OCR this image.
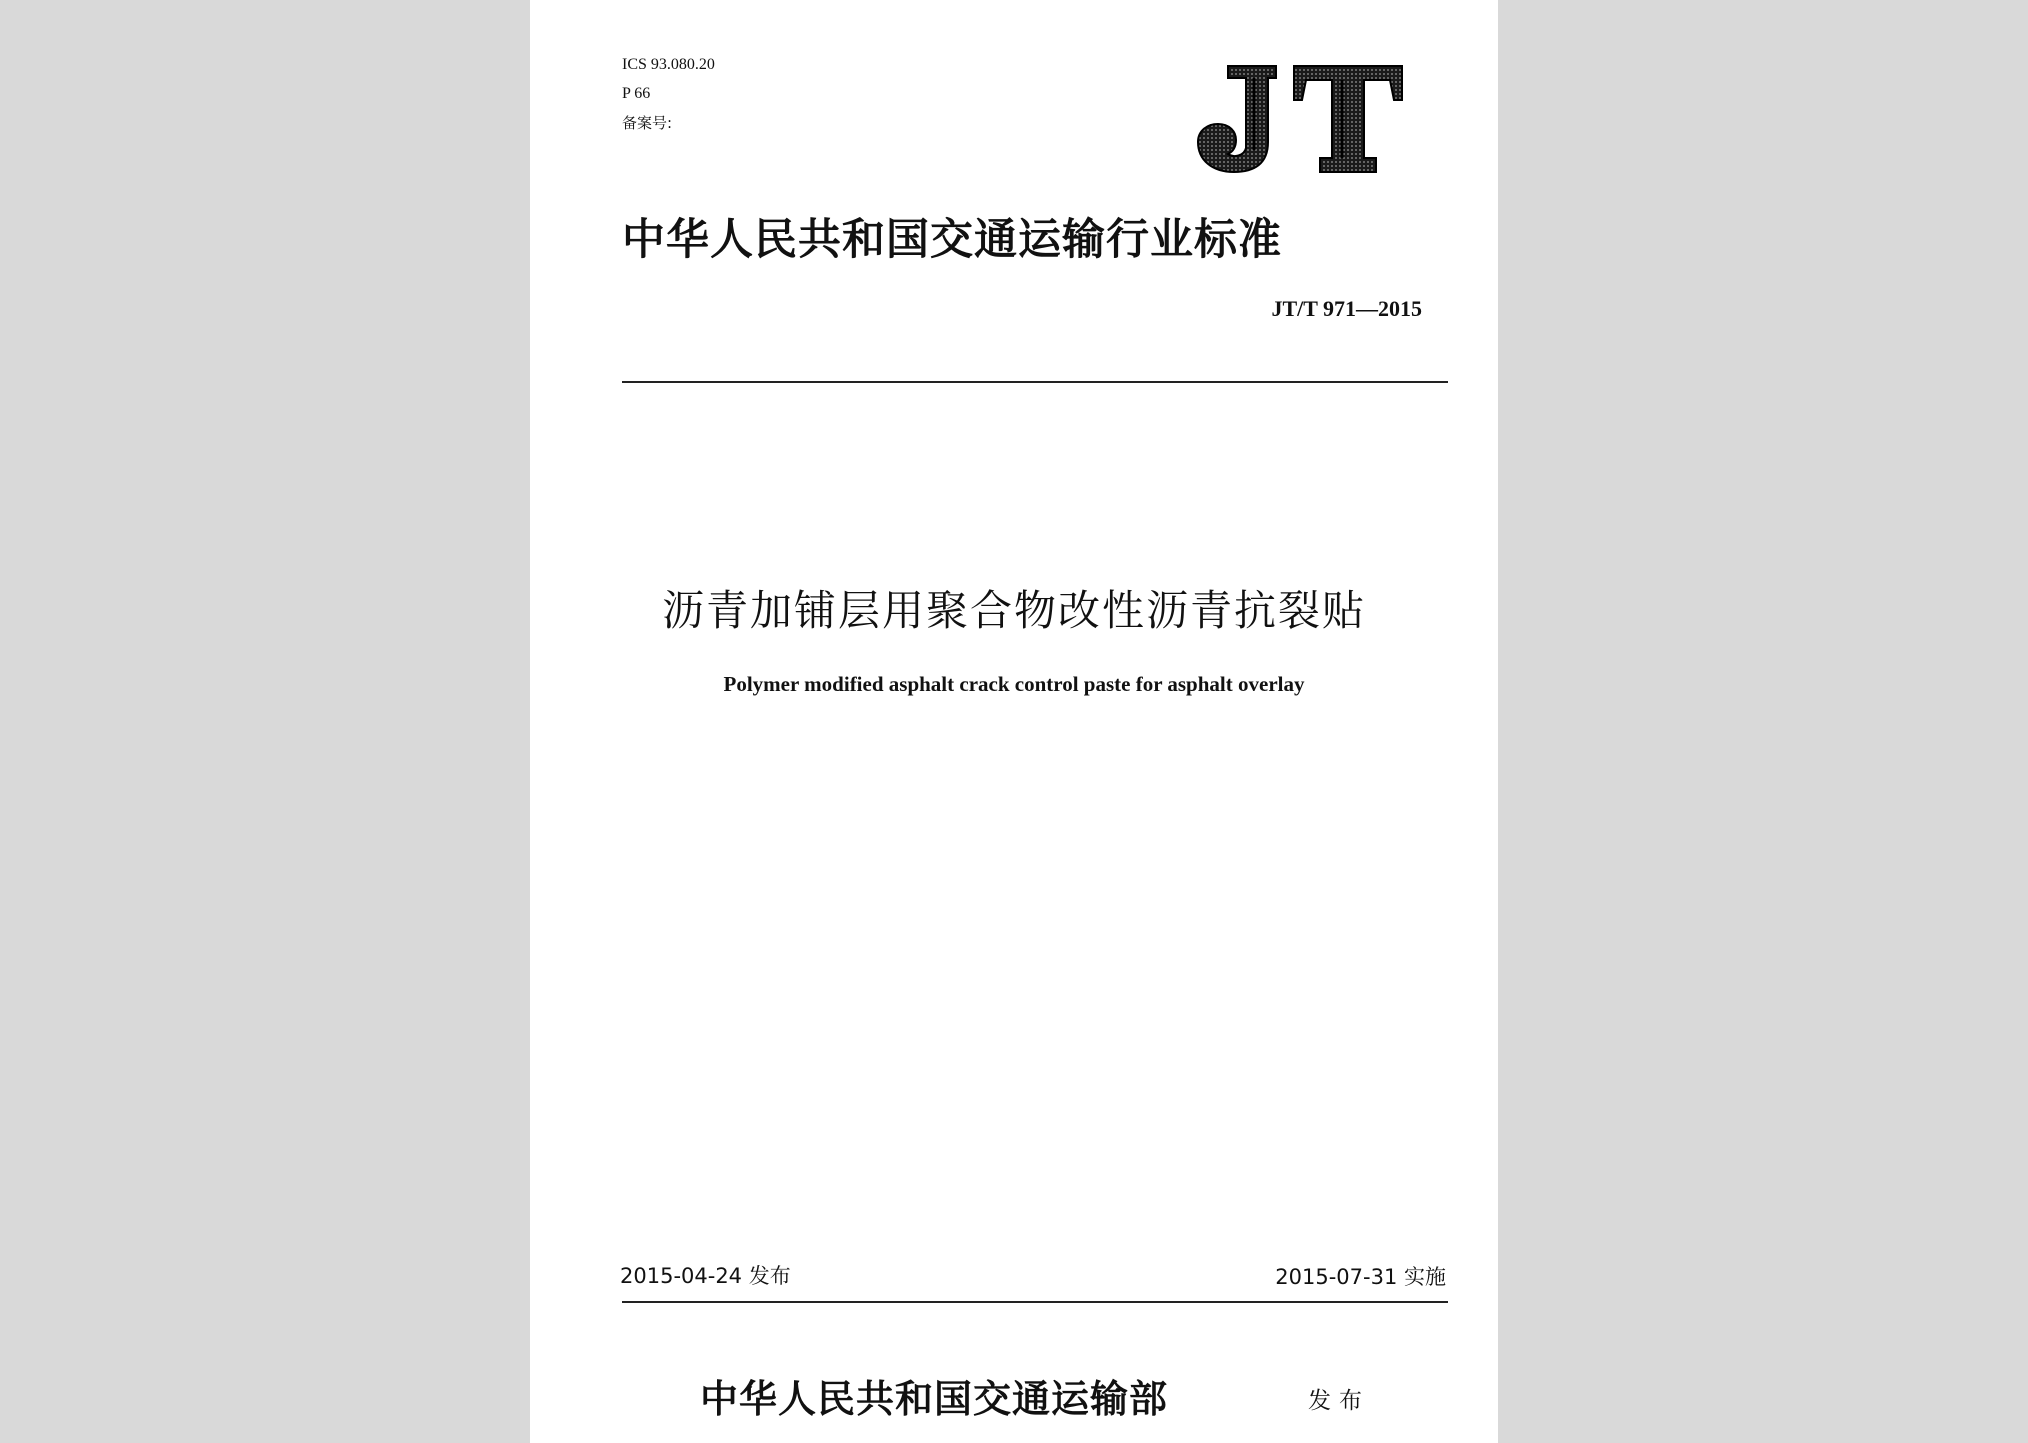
ICS 93.080.20
P 66
备案号:
中华人民共和国交通运输行业标准
JT/T 971—2015
沥青加铺层用聚合物改性沥青抗裂贴
Polymer modified asphalt crack control paste for asphalt overlay
2015-04-24 发布	2015-07-31 实施
中华人民共和国交通运输部	发布
